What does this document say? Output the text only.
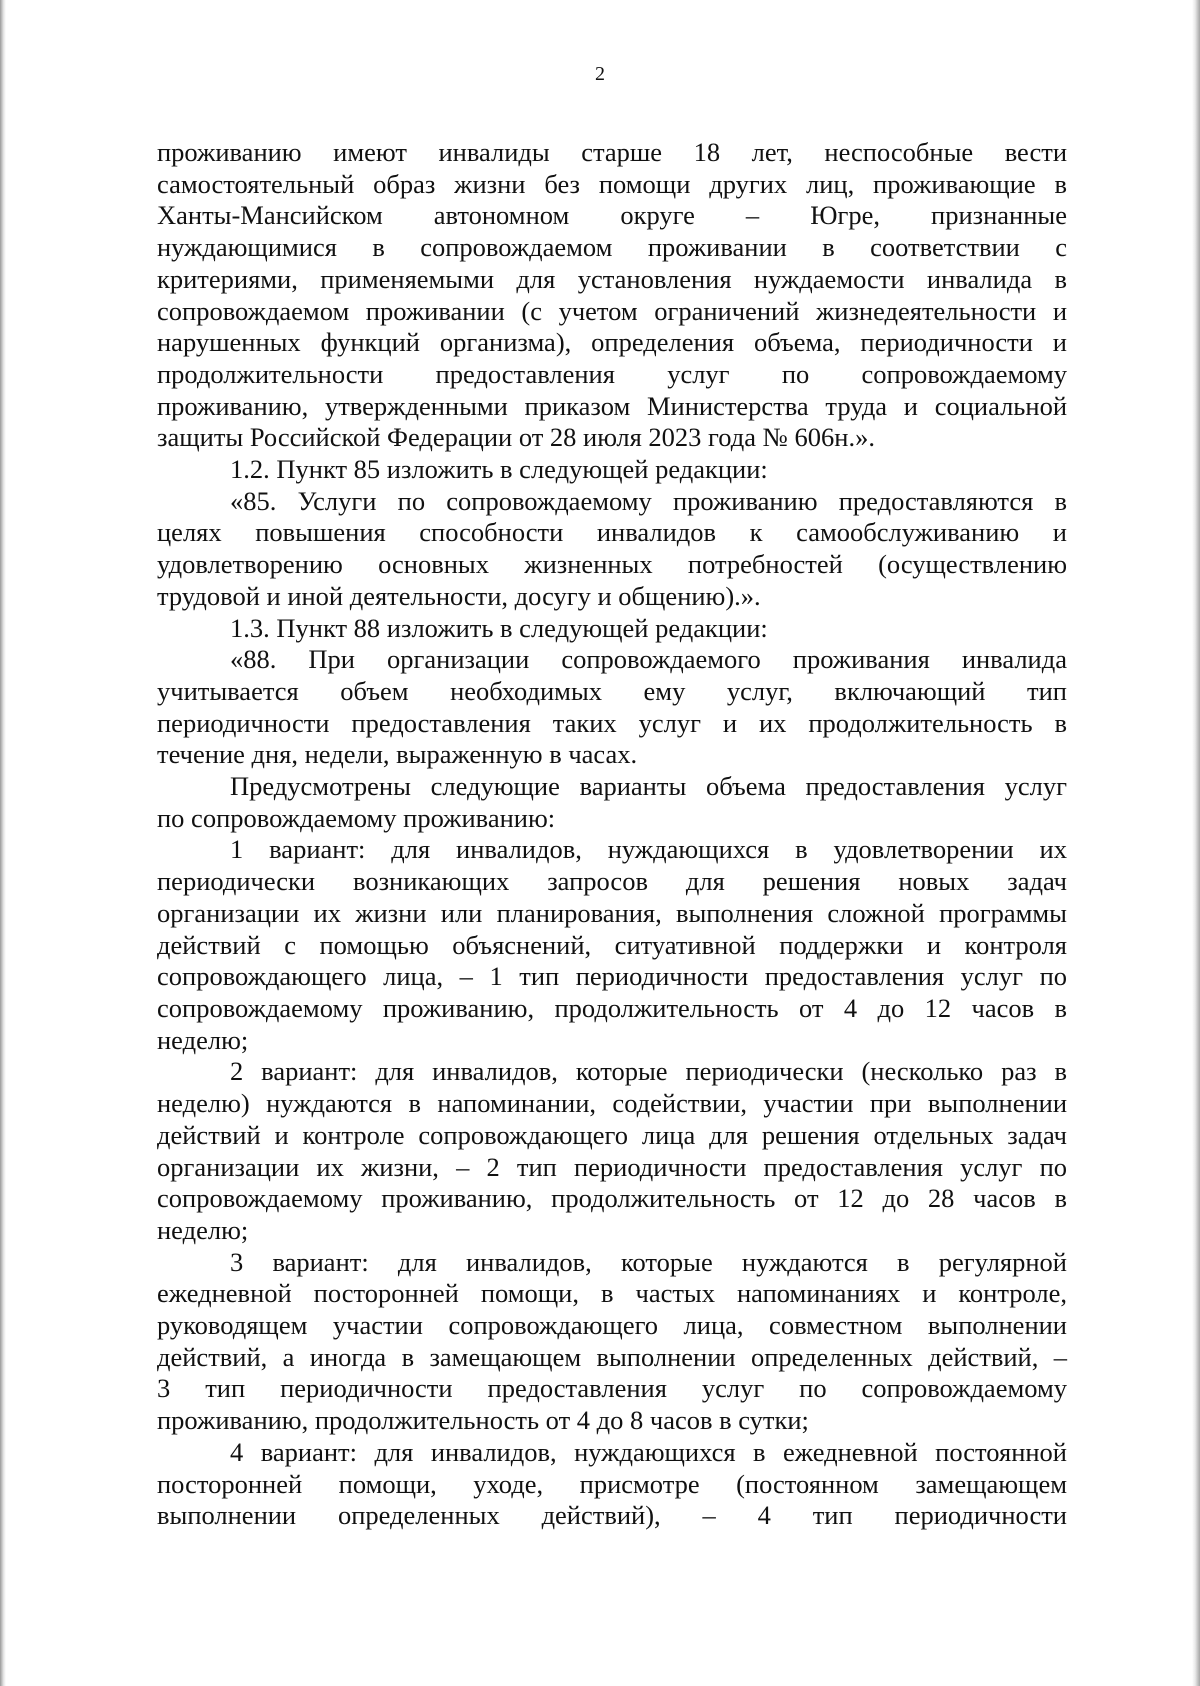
2

проживанию имеют инвалиды старше 18 лет, неспособные вести
самостоятельный образ жизни без помощи других лиц, проживающие в
Ханты-Мансийском автономном округе – Югре, признанные
нуждающимися в сопровождаемом проживании в соответствии с
критериями, применяемыми для установления нуждаемости инвалида в
сопровождаемом проживании (с учетом ограничений жизнедеятельности и
нарушенных функций организма), определения объема, периодичности и
продолжительности предоставления услуг по сопровождаемому
проживанию, утвержденными приказом Министерства труда и социальной
защиты Российской Федерации от 28 июля 2023 года № 606н.».

1.2. Пункт 85 изложить в следующей редакции:

«85. Услуги по сопровождаемому проживанию предоставляются в
целях повышения способности инвалидов к самообслуживанию и
удовлетворению основных жизненных потребностей (осуществлению
трудовой и иной деятельности, досугу и общению).».

1.3. Пункт 88 изложить в следующей редакции:

«88. При организации сопровождаемого проживания инвалида
учитывается объем необходимых ему услуг, включающий тип
периодичности предоставления таких услуг и их продолжительность в
течение дня, недели, выраженную в часах.

Предусмотрены следующие варианты объема предоставления услуг
по сопровождаемому проживанию:

1 вариант: для инвалидов, нуждающихся в удовлетворении их
периодически возникающих запросов для решения новых задач
организации их жизни или планирования, выполнения сложной программы
действий с помощью объяснений, ситуативной поддержки и контроля
сопровождающего лица, – 1 тип периодичности предоставления услуг по
сопровождаемому проживанию, продолжительность от 4 до 12 часов в
неделю;

2 вариант: для инвалидов, которые периодически (несколько раз в
неделю) нуждаются в напоминании, содействии, участии при выполнении
действий и контроле сопровождающего лица для решения отдельных задач
организации их жизни, – 2 тип периодичности предоставления услуг по
сопровождаемому проживанию, продолжительность от 12 до 28 часов в
неделю;

3 вариант: для инвалидов, которые нуждаются в регулярной
ежедневной посторонней помощи, в частых напоминаниях и контроле,
руководящем участии сопровождающего лица, совместном выполнении
действий, а иногда в замещающем выполнении определенных действий, –
3 тип периодичности предоставления услуг по сопровождаемому
проживанию, продолжительность от 4 до 8 часов в сутки;

4 вариант: для инвалидов, нуждающихся в ежедневной постоянной
посторонней помощи, уходе, присмотре (постоянном замещающем
выполнении определенных действий), – 4 тип периодичности
